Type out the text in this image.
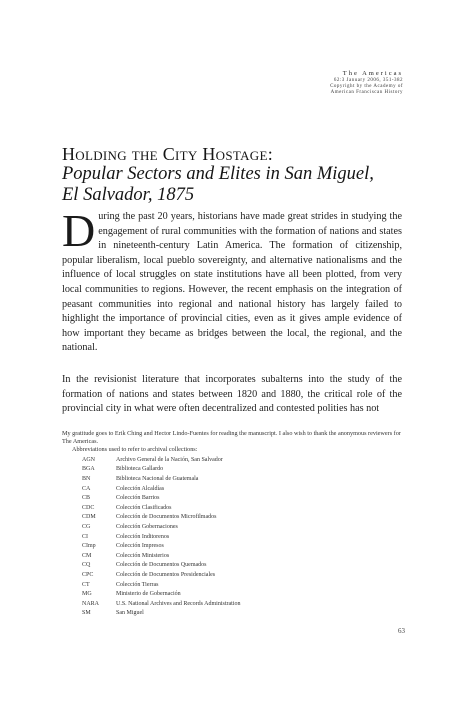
The Americas
62:3 January 2006, 351-382
Copyright by the Academy of
American Franciscan History
Holding the City Hostage:
Popular Sectors and Elites in San Miguel,
El Salvador, 1875
D uring the past 20 years, historians have made great strides in studying the engagement of rural communities with the formation of nations and states in nineteenth-century Latin America. The formation of citizenship, popular liberalism, local pueblo sovereignty, and alternative nationalisms and the influence of local struggles on state institutions have all been plotted, from very local communities to regions. However, the recent emphasis on the integration of peasant communities into regional and national history has largely failed to highlight the importance of provincial cities, even as it gives ample evidence of how important they became as bridges between the local, the regional, and the national.
In the revisionist literature that incorporates subalterns into the study of the formation of nations and states between 1820 and 1880, the critical role of the provincial city in what were often decentralized and contested polities has not

My gratitude goes to Erik Ching and Hector Lindo-Fuentes for reading the manuscript. I also wish to thank the anonymous reviewers for The Americas.

Abbreviations used to refer to archival collections:
AGN	Archivo General de la Nación, San Salvador
BGA	Biblioteca Gallardo
BN	Biblioteca Nacional de Guatemala
CA	Colección Alcaldías
CB	Colección Barrios
CDC	Colección Clasificados
CDM	Colección de Documentos Microfilmados
CG	Colección Gobernaciones
CI	Colección Inditorenos
CImp	Colección Impresos
CM	Colección Ministerios
CQ	Colección de Documentos Quemados
CPC	Colección de Documentos Presidenciales
CT	Colección Tierras
MG	Ministerio de Gobernación
NARA	U.S. National Archives and Records Administration
SM	San Miguel
63
